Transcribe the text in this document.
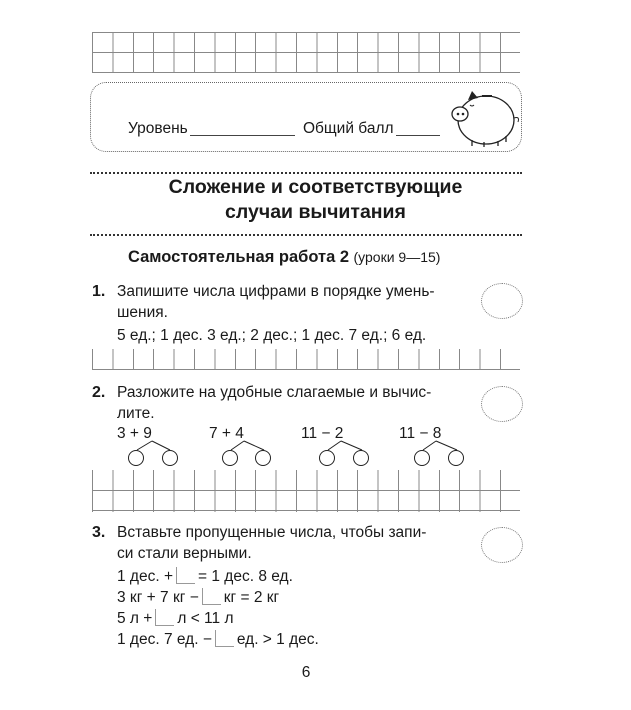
Уровень	Общий балл
Сложение и соответствующие
случаи вычитания
Самостоятельная работа 2 (уроки 9—15)
1. Запишите числа цифрами в порядке умень-
шения.
5 ед.; 1 дес. 3 ед.; 2 дес.; 1 дес. 7 ед.; 6 ед.
2. Разложите на удобные слагаемые и вычис-
лите.
3 + 9	7 + 4	11 − 2	11 − 8
3. Вставьте пропущенные числа, чтобы запи-
си стали верными.
1 дес. + = 1 дес. 8 ед.
3 кг + 7 кг − кг = 2 кг
5 л + л < 11 л
1 дес. 7 ед. − ед. > 1 дес.
6
